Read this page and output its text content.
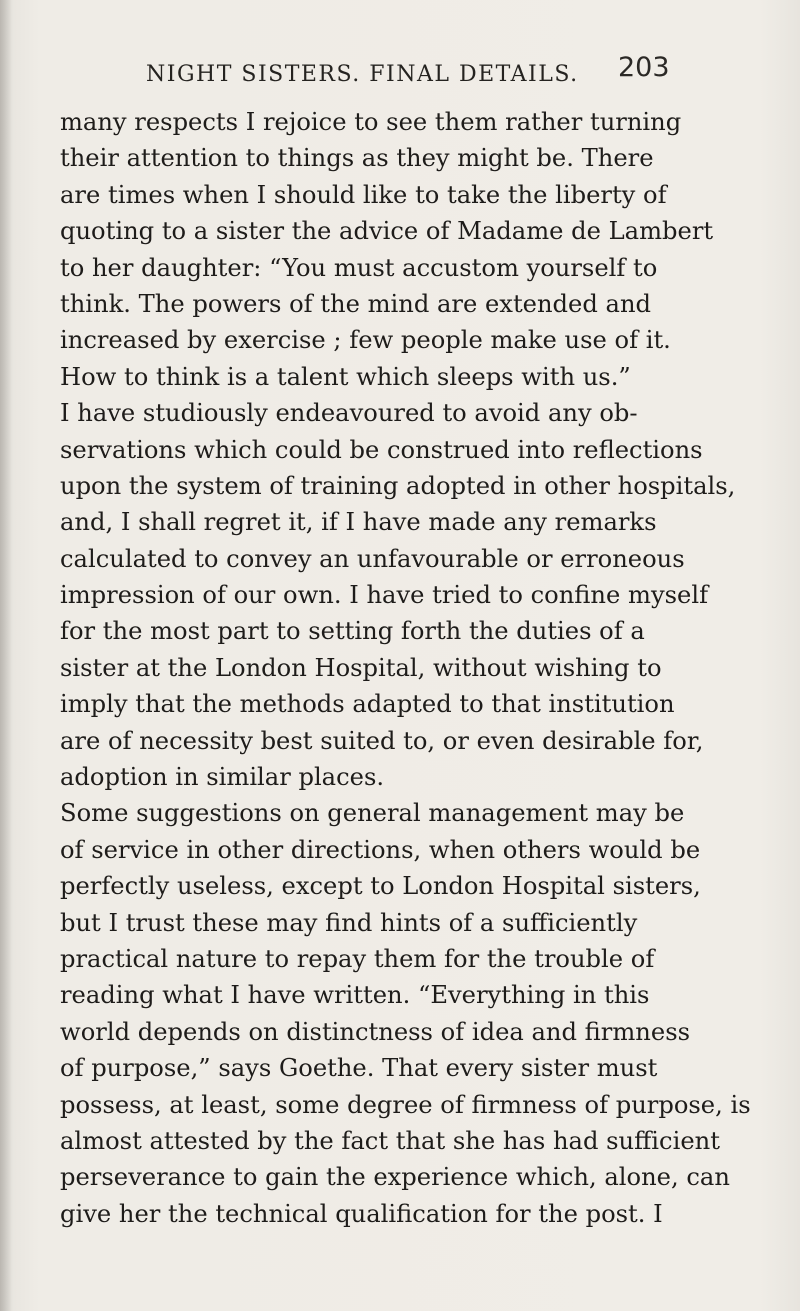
NIGHT SISTERS. FINAL DETAILS. 203
many respects I rejoice to see them rather turning
their attention to things as they might be. There
are times when I should like to take the liberty of
quoting to a sister the advice of Madame de Lambert
to her daughter: “You must accustom yourself to
think. The powers of the mind are extended and
increased by exercise ; few people make use of it.
How to think is a talent which sleeps with us.”
I have studiously endeavoured to avoid any ob-
servations which could be construed into reflections
upon the system of training adopted in other hospitals,
and, I shall regret it, if I have made any remarks
calculated to convey an unfavourable or erroneous
impression of our own. I have tried to confine myself
for the most part to setting forth the duties of a
sister at the London Hospital, without wishing to
imply that the methods adapted to that institution
are of necessity best suited to, or even desirable for,
adoption in similar places.
Some suggestions on general management may be
of service in other directions, when others would be
perfectly useless, except to London Hospital sisters,
but I trust these may find hints of a sufficiently
practical nature to repay them for the trouble of
reading what I have written. “Everything in this
world depends on distinctness of idea and firmness
of purpose,” says Goethe. That every sister must
possess, at least, some degree of firmness of purpose, is
almost attested by the fact that she has had sufficient
perseverance to gain the experience which, alone, can
give her the technical qualification for the post. I
